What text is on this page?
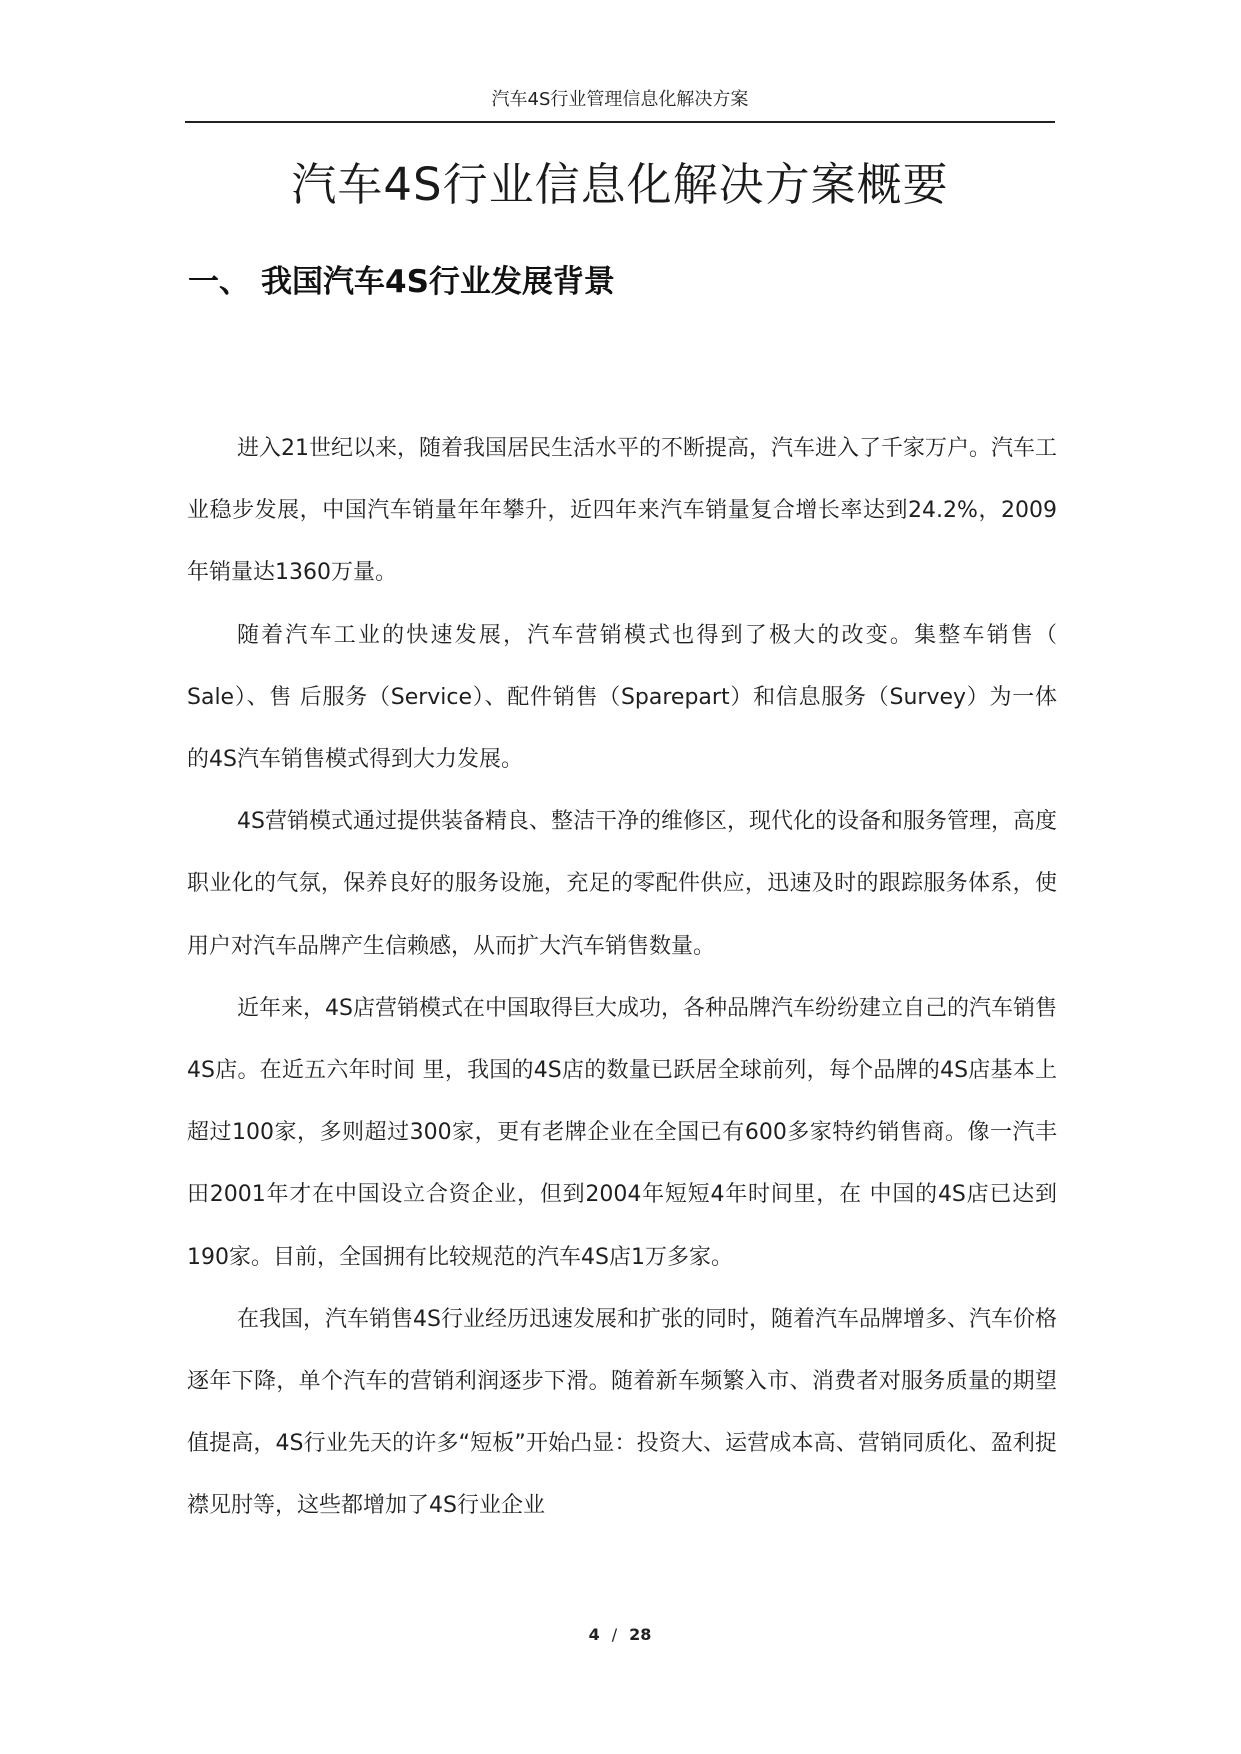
汽车4S行业管理信息化解决方案
汽车4S行业信息化解决方案概要
一、 我国汽车4S行业发展背景

进入21世纪以来，随着我国居民生活水平的不断提高，汽车进入了千家万户。汽车工业稳步发展，中国汽车销量年年攀升，近四年来汽车销量复合增长率达到24.2%，2009年销量达1360万量。

随着汽车工业的快速发展，汽车营销模式也得到了极大的改变。集整车销售（ Sale）、售 后服务（Service）、配件销售（Sparepart）和信息服务（Survey）为一体的4S汽车销售模式得到大力发展。

4S营销模式通过提供装备精良、整洁干净的维修区，现代化的设备和服务管理，高度职业化的气氛，保养良好的服务设施，充足的零配件供应，迅速及时的跟踪服务体系，使用户对汽车品牌产生信赖感，从而扩大汽车销售数量。

近年来，4S店营销模式在中国取得巨大成功，各种品牌汽车纷纷建立自己的汽车销售4S店。在近五六年时间 里，我国的4S店的数量已跃居全球前列，每个品牌的4S店基本上超过100家，多则超过300家，更有老牌企业在全国已有600多家特约销售商。像一汽丰田2001年才在中国设立合资企业，但到2004年短短4年时间里，在 中国的4S店已达到190家。目前，全国拥有比较规范的汽车4S店1万多家。

在我国，汽车销售4S行业经历迅速发展和扩张的同时，随着汽车品牌增多、汽车价格逐年下降，单个汽车的营销利润逐步下滑。随着新车频繁入市、消费者对服务质量的期望值提高，4S行业先天的许多“短板”开始凸显：投资大、运营成本高、营销同质化、盈利捉襟见肘等，这些都增加了4S行业企业

4 / 28
